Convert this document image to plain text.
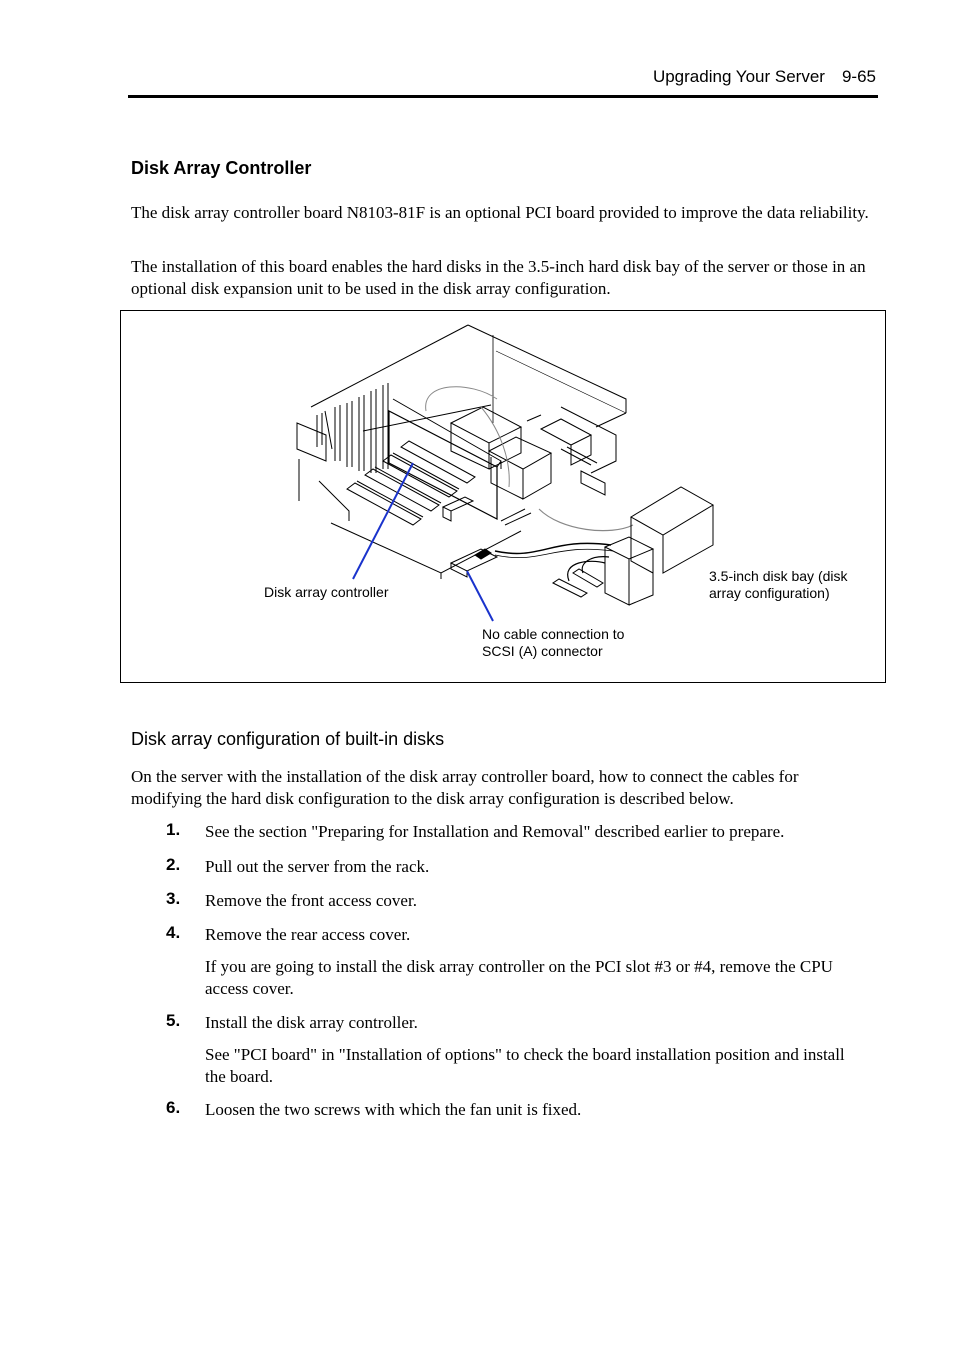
Upgrading Your Server 9-65
Disk Array Controller
The disk array controller board N8103-81F is an optional PCI board provided to improve the data reliability.
The installation of this board enables the hard disks in the 3.5-inch hard disk bay of the server or those in an optional disk expansion unit to be used in the disk array configuration.
Disk array controller
3.5-inch disk bay (disk
array configuration)
No cable connection to
SCSI (A) connector
Disk array configuration of built-in disks
On the server with the installation of the disk array controller board, how to connect the cables for modifying the hard disk configuration to the disk array configuration is described below.
1. See the section "Preparing for Installation and Removal" described earlier to prepare.
2. Pull out the server from the rack.
3. Remove the front access cover.
4. Remove the rear access cover.
If you are going to install the disk array controller on the PCI slot #3 or #4, remove the CPU access cover.
5. Install the disk array controller.
See "PCI board" in "Installation of options" to check the board installation position and install the board.
6. Loosen the two screws with which the fan unit is fixed.
